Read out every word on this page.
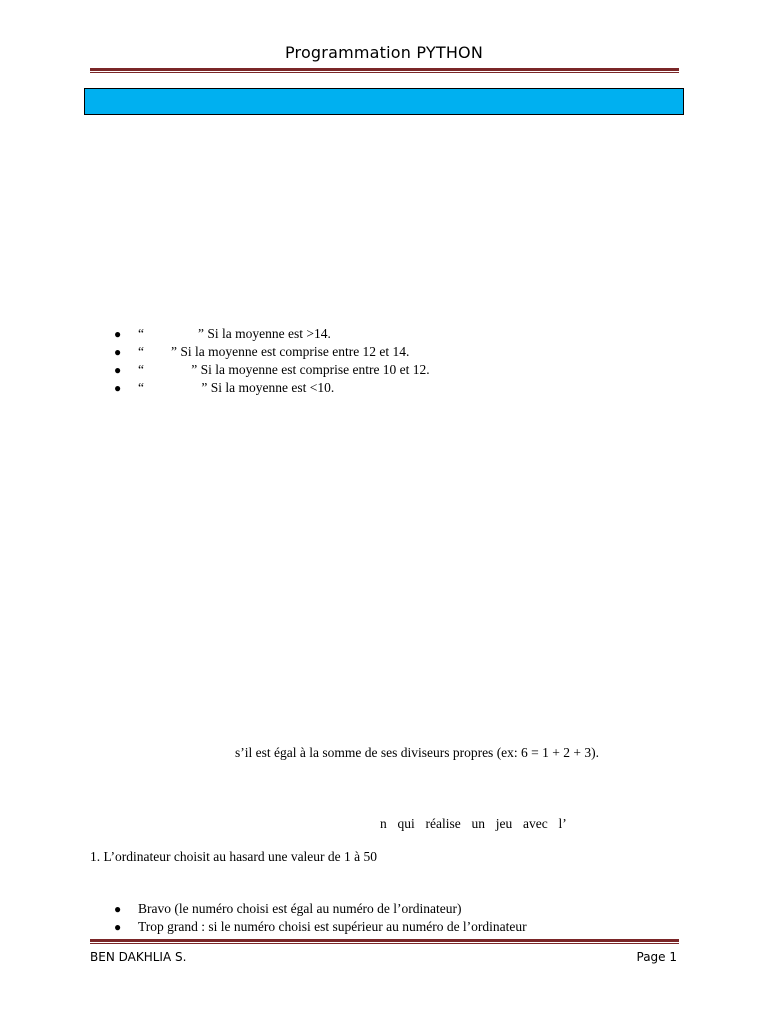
Programmation PYTHON
● “                ” Si la moyenne est >14.
● “        ” Si la moyenne est comprise entre 12 et 14.
● “              ” Si la moyenne est comprise entre 10 et 12.
● “                 ” Si la moyenne est <10.
s’il est égal à la somme de ses diviseurs propres (ex: 6 = 1 + 2 + 3).
n  qui  réalise  un  jeu  avec  l’
1. L’ordinateur choisit au hasard une valeur de 1 à 50
● Bravo (le numéro choisi est égal au numéro de l’ordinateur)
● Trop grand : si le numéro choisi est supérieur au numéro de l’ordinateur
BEN DAKHLIA S.	Page 1
